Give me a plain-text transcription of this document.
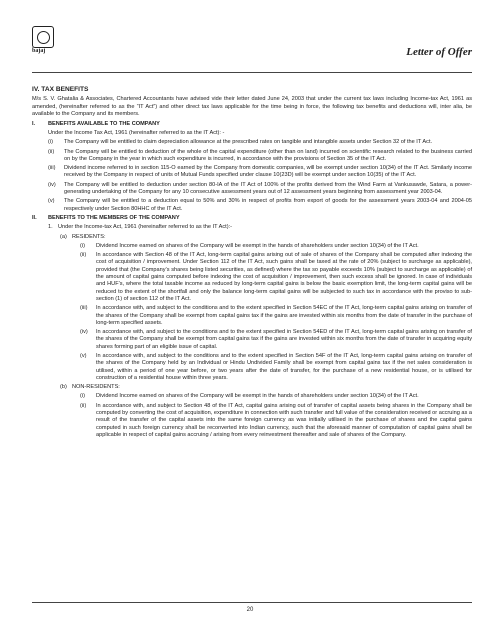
bajaj	Letter of Offer
IV. TAX BENEFITS

M/s S. V. Ghatalia & Associates, Chartered Accountants have advised vide their letter dated June 24, 2003 that under the current tax laws including Income-tax Act, 1961 as amended, (hereinafter referred to as the “IT Act”) and other direct tax laws applicable for the time being in force, the following tax benefits and deductions will, inter alia, be available to the Company and its members.

I.	BENEFITS AVAILABLE TO THE COMPANY
Under the Income Tax Act, 1961 (hereinafter referred to as the IT Act): -
(i)	The Company will be entitled to claim depreciation allowance at the prescribed rates on tangible and intangible assets under Section 32 of the IT Act.
(ii)	The Company will be entitled to deduction of the whole of the capital expenditure (other than on land) incurred on scientific research related to the business carried on by the Company in the year in which such expenditure is incurred, in accordance with the provisions of Section 35 of the IT Act.
(iii)	Dividend income referred to in section 115-O earned by the Company from domestic companies, will be exempt under section 10(34) of the IT Act. Similarly income received by the Company in respect of units of Mutual Funds specified under clause 10(23D) will be exempt under section 10(35) of the IT Act.
(iv)	The Company will be entitled to deduction under section 80-IA of the IT Act of 100% of the profits derived from the Wind Farm at Vankusawde, Satara, a power-generating undertaking of the Company for any 10 consecutive assessment years out of 12 assessment years beginning from assessment year 2003-04.
(v)	The Company will be entitled to a deduction equal to 50% and 30% in respect of profits from export of goods for the assessment years 2003-04 and 2004-05 respectively under Section 80HHC of the IT Act.
II.	BENEFITS TO THE MEMBERS OF THE COMPANY
1. Under the Income-tax Act, 1961 (hereinafter referred to as the IT Act):-
(a) RESIDENTS:
(i)	Dividend Income earned on shares of the Company will be exempt in the hands of shareholders under section 10(34) of the IT Act.
(ii)	In accordance with Section 48 of the IT Act, long-term capital gains arising out of sale of shares of the Company shall be computed after indexing the cost of acquisition / improvement. Under Section 112 of the IT Act, such gains shall be taxed at the rate of 20% (subject to surcharge as applicable), provided that (the Company’s shares being listed securities, as defined) where the tax so payable exceeds 10% (subject to surcharge as applicable) of the amount of capital gains computed before indexing the cost of acquisition / improvement, then such excess shall be ignored. In case of individuals and HUF’s, where the total taxable income as reduced by long-term capital gains is below the basic exemption limit, the long-term capital gains will be reduced to the extent of the shortfall and only the balance long-term capital gains will be subjected to such tax in accordance with the proviso to sub-section (1) of section 112 of the IT Act.
(iii)	In accordance with, and subject to the conditions and to the extent specified in Section 54EC of the IT Act, long-term capital gains arising on transfer of the shares of the Company shall be exempt from capital gains tax if the gains are invested within six months from the date of transfer in the purchase of long-term specified assets.
(iv)	In accordance with, and subject to the conditions and to the extent specified in Section 54ED of the IT Act, long-term capital gains arising on transfer of the shares of the Company shall be exempt from capital gains tax if the gains are invested within six months from the date of transfer in acquiring equity shares forming part of an eligible issue of capital.
(v)	In accordance with, and subject to the conditions and to the extent specified in Section 54F of the IT Act, long-term capital gains arising on transfer of the shares of the Company held by an Individual or Hindu Undivided Family shall be exempt from capital gains tax if the net sales consideration is utilised, within a period of one year before, or two years after the date of transfer, for the purchase of a new residential house, or is utilised for construction of a residential house within three years.
(b) NON-RESIDENTS:
(i)	Dividend Income earned on shares of the Company will be exempt in the hands of shareholders under section 10(34) of the IT Act.
(ii)	In accordance with, and subject to Section 48 of the IT Act, capital gains arising out of transfer of capital assets being shares in the Company shall be computed by converting the cost of acquisition, expenditure in connection with such transfer and full value of the consideration received or accruing as a result of the transfer of the capital assets into the same foreign currency as was initially utilised in the purchase of shares and the capital gains computed in such foreign currency shall be reconverted into Indian currency, such that the aforesaid manner of computation of capital gains shall be applicable in respect of capital gains accruing / arising from every reinvestment thereafter and sale of shares of the Company.
20
